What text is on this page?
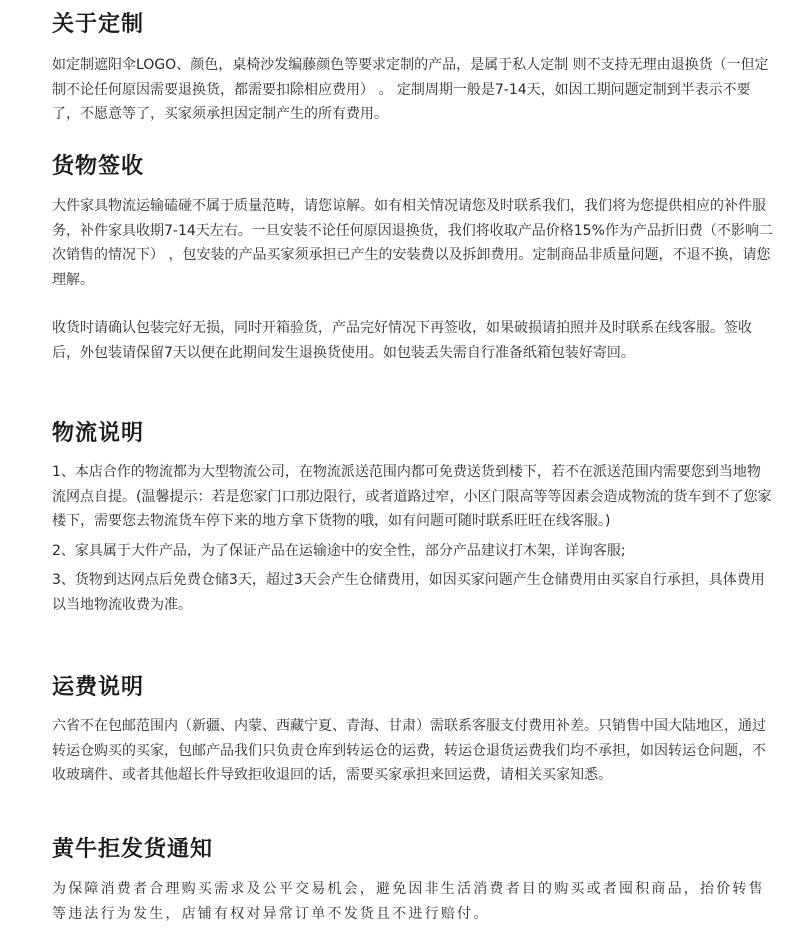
关于定制

如定制遮阳伞LOGO、颜色，桌椅沙发编藤颜色等要求定制的产品，是属于私人定制 则不支持无理由退换货（一但定制不论任何原因需要退换货，都需要扣除相应费用） 。 定制周期一般是7-14天，如因工期问题定制到半表示不要了，不愿意等了，买家须承担因定制产生的所有费用。

货物签收

大件家具物流运输磕碰不属于质量范畴，请您谅解。如有相关情况请您及时联系我们，我们将为您提供相应的补件服务，补件家具收期7-14天左右。一旦安装不论任何原因退换货，我们将收取产品价格15%作为产品折旧费（不影响二次销售的情况下） ，包安装的产品买家须承担已产生的安装费以及拆卸费用。定制商品非质量问题，不退不换，请您理解。

收货时请确认包装完好无损，同时开箱验货，产品完好情况下再签收，如果破损请拍照并及时联系在线客服。签收后，外包装请保留7天以便在此期间发生退换货使用。如包装丢失需自行准备纸箱包装好寄回。

物流说明

1、本店合作的物流都为大型物流公司，在物流派送范围内都可免费送货到楼下，若不在派送范围内需要您到当地物流网点自提。(温馨提示：若是您家门口那边限行，或者道路过窄，小区门限高等等因素会造成物流的货车到不了您家楼下，需要您去物流货车停下来的地方拿下货物的哦，如有问题可随时联系旺旺在线客服。)

2、家具属于大件产品，为了保证产品在运输途中的安全性，部分产品建议打木架，详询客服;

3、货物到达网点后免费仓储3天，超过3天会产生仓储费用，如因买家问题产生仓储费用由买家自行承担，具体费用以当地物流收费为准。

运费说明

六省不在包邮范围内（新疆、内蒙、西藏宁夏、青海、甘肃）需联系客服支付费用补差。只销售中国大陆地区，通过转运仓购买的买家，包邮产品我们只负责仓库到转运仓的运费，转运仓退货运费我们均不承担，如因转运仓问题，不收玻璃件、或者其他超长件导致拒收退回的话，需要买家承担来回运费，请相关买家知悉。

黄牛拒发货通知

为保障消费者合理购买需求及公平交易机会，避免因非生活消费者目的购买或者囤积商品，抬价转售等违法行为发生，店铺有权对异常订单不发货且不进行赔付。
